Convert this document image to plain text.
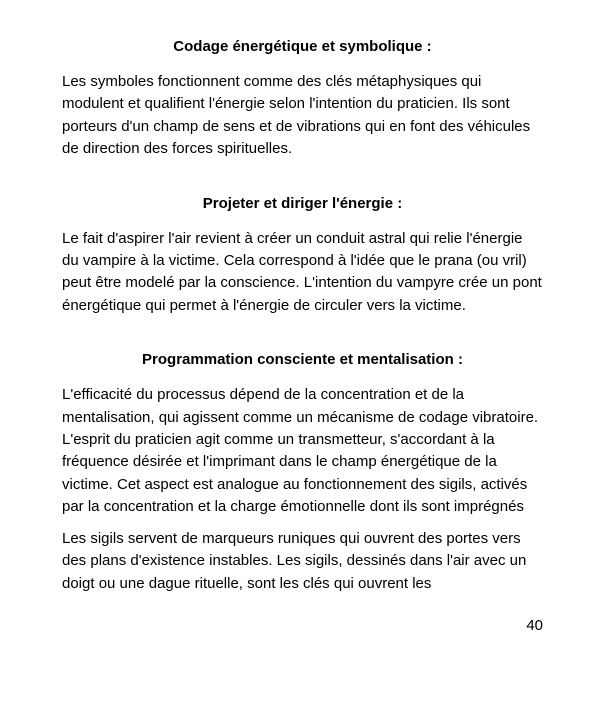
Codage énergétique et symbolique :

Les symboles fonctionnent comme des clés métaphysiques qui modulent et qualifient l'énergie selon l'intention du praticien. Ils sont porteurs d'un champ de sens et de vibrations qui en font des véhicules de direction des forces spirituelles.

Projeter et diriger l'énergie :

Le fait d'aspirer l'air revient à créer un conduit astral qui relie l'énergie du vampire à la victime. Cela correspond à l'idée que le prana (ou vril) peut être modelé par la conscience. L'intention du vampyre crée un pont énergétique qui permet à l'énergie de circuler vers la victime.

Programmation consciente et mentalisation :

L'efficacité du processus dépend de la concentration et de la mentalisation, qui agissent comme un mécanisme de codage vibratoire. L'esprit du praticien agit comme un transmetteur, s'accordant à la fréquence désirée et l'imprimant dans le champ énergétique de la victime. Cet aspect est analogue au fonctionnement des sigils, activés par la concentration et la charge émotionnelle dont ils sont imprégnés

Les sigils servent de marqueurs runiques qui ouvrent des portes vers des plans d'existence instables. Les sigils, dessinés dans l'air avec un doigt ou une dague rituelle, sont les clés qui ouvrent les

40
